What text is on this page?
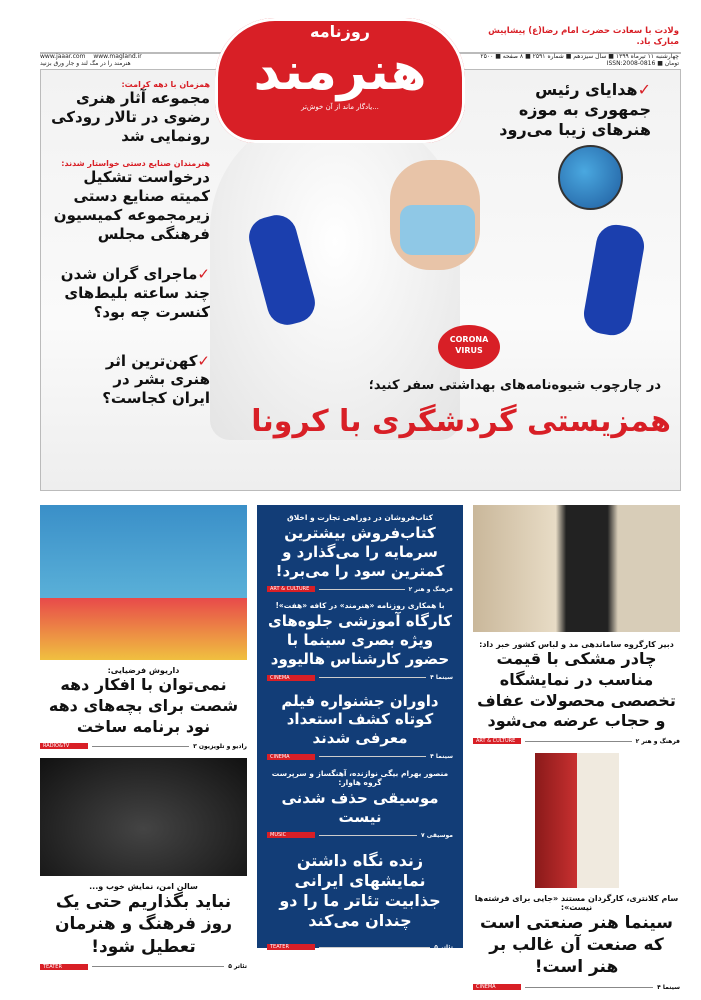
CORONA VIRUS
روزنامه
هنرمند
...یادگار ماند از آن خوش‌تر
ولادت با سعادت حضرت امام رضا(ع) پیشاپیش مبارک باد.
چهارشنبه ۱۱ تیرماه ۱۳۹۹ ■ سال سیزدهم ■ شماره ۲۵۹۱ ■ ۸ صفحه ■ ۲۵۰۰ تومان ■ ISSN:2008-0816
www.jaaar.com www.magland.ir
هنرمند را در مگ لند و جار ورق بزنید
✓هدایای رئیس جمهوری به موزه هنرهای زیبا می‌رود
همزمان با دهه کرامت:
مجموعه آثار هنری رضوی در تالار رودکی رونمایی شد
هنرمندان صنایع دستی خواستار شدند:
درخواست تشکیل کمیته صنایع دستی زیرمجموعه کمیسیون فرهنگی مجلس
✓ماجرای گران شدن چند ساعته بلیط‌های کنسرت چه بود؟
✓کهن‌ترین اثر هنری بشر در ایران کجاست؟
در چارچوب شیوه‌نامه‌های بهداشتی سفر کنید؛
همزیستی گردشگری با کرونا
داریوش فرضیایی:
نمی‌توان با افکار دهه شصت برای بچه‌های دهه نود برنامه ساخت
رادیو و تلویزیون ۳
RADIO&TV
سالن امن، نمایش خوب و...
نباید بگذاریم حتی یک روز فرهنگ و هنرمان تعطیل شود!
تئاتر ۵
TEATER
کتاب‌فروشان در دوراهی تجارت و اخلاق
کتاب‌فروش بیشترین سرمایه را می‌گذارد و کمترین سود را می‌برد!
فرهنگ و هنر ۲
ART & CULTURE
با همکاری روزنامه «هنرمند» در کافه «هفت»!
کارگاه آموزشی جلوه‌های ویژه بصری سینما با حضور کارشناس هالیوود
سینما ۴
CINEMA
داوران جشنواره فیلم کوتاه کشف استعداد معرفی شدند
سینما ۴
CINEMA
منصور بهرام بیگی نوازنده، آهنگساز و سرپرست گروه هاوار:
موسیقی حذف شدنی نیست
موسیقی ۷
MUSIC
زنده نگاه داشتن نمایشهای ایرانی جذابیت تئاتر ما را دو چندان می‌کند
تئاتر ۵
TEATER
دبیر کارگروه ساماندهی مد و لباس کشور خبر داد:
چادر مشکی با قیمت مناسب در نمایشگاه تخصصی محصولات عفاف و حجاب عرضه می‌شود
فرهنگ و هنر ۲
ART & CULTURE
سام کلانتری، کارگردان مستند «جایی برای فرشته‌ها نیست»:
سینما هنر صنعتی است که صنعت آن غالب بر هنر است!
سینما ۴
CINEMA
